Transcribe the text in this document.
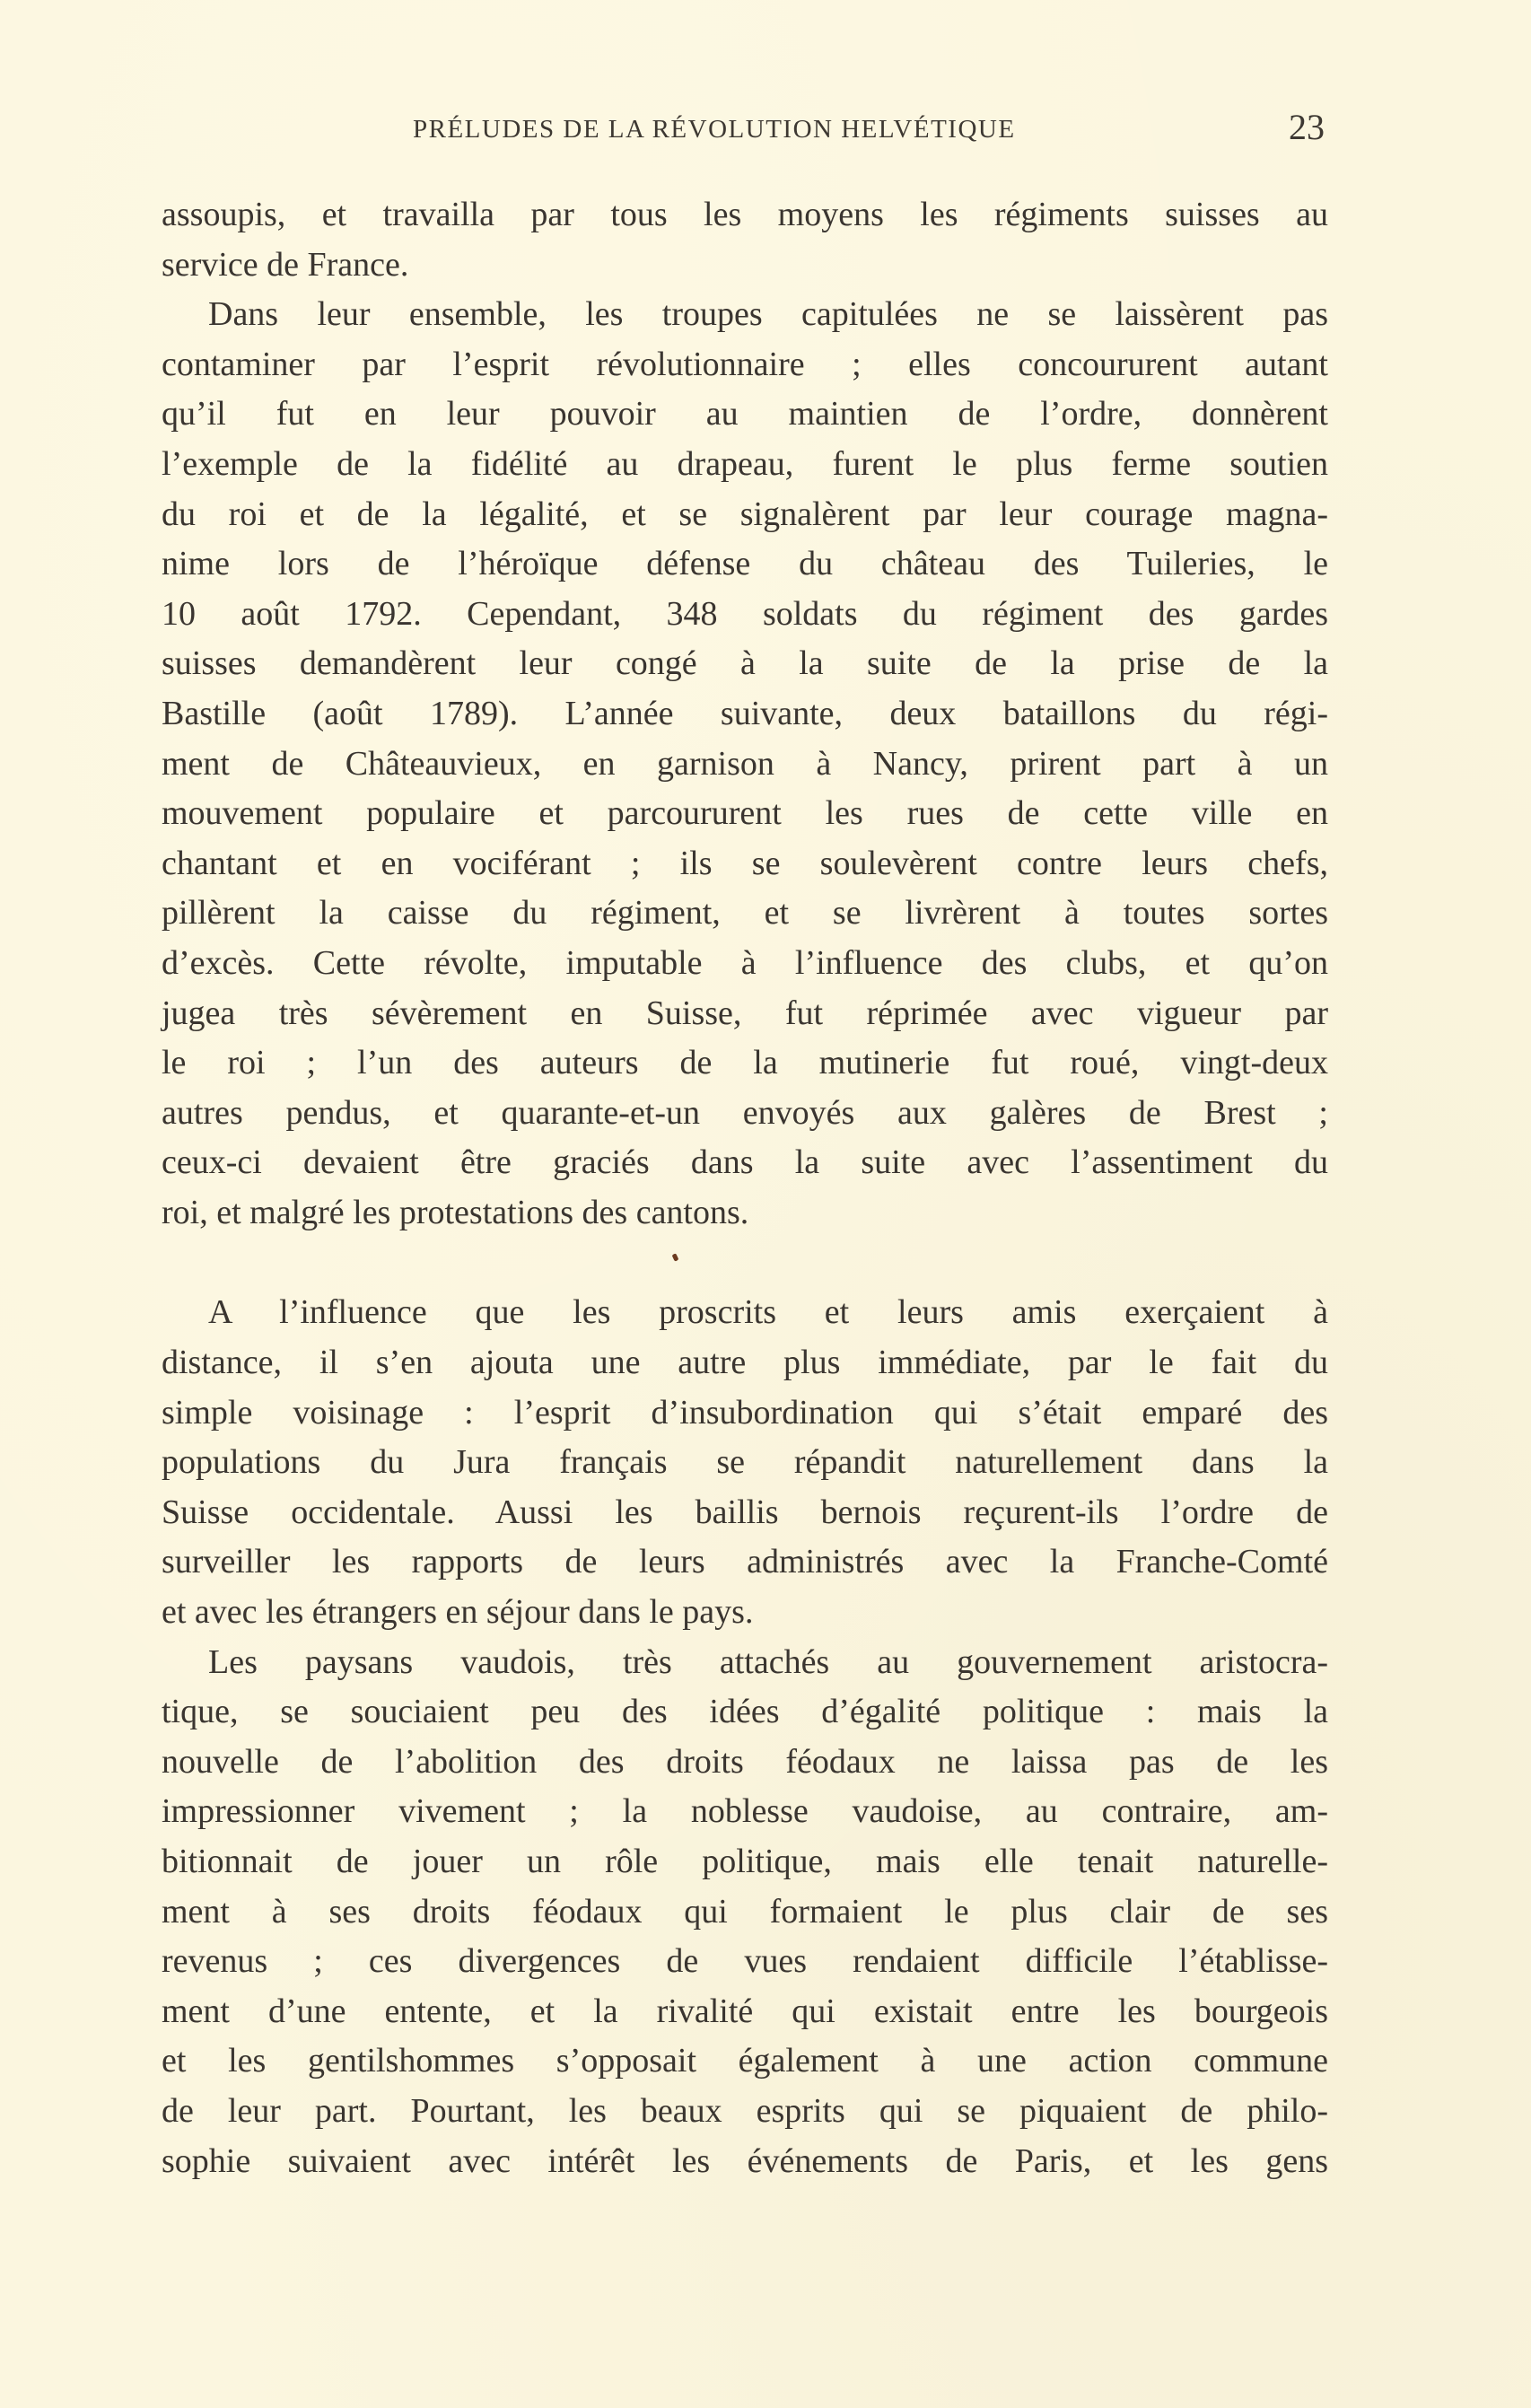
PRÉLUDES DE LA RÉVOLUTION HELVÉTIQUE	23
assoupis, et travailla par tous les moyens les régiments suisses au
service de France.
Dans leur ensemble, les troupes capitulées ne se laissèrent pas
contaminer par l’esprit révolutionnaire ; elles concoururent autant
qu’il fut en leur pouvoir au maintien de l’ordre, donnèrent
l’exemple de la fidélité au drapeau, furent le plus ferme soutien
du roi et de la légalité, et se signalèrent par leur courage magna-
nime lors de l’héroïque défense du château des Tuileries, le
10 août 1792. Cependant, 348 soldats du régiment des gardes
suisses demandèrent leur congé à la suite de la prise de la
Bastille (août 1789). L’année suivante, deux bataillons du régi-
ment de Châteauvieux, en garnison à Nancy, prirent part à un
mouvement populaire et parcoururent les rues de cette ville en
chantant et en vociférant ; ils se soulevèrent contre leurs chefs,
pillèrent la caisse du régiment, et se livrèrent à toutes sortes
d’excès. Cette révolte, imputable à l’influence des clubs, et qu’on
jugea très sévèrement en Suisse, fut réprimée avec vigueur par
le roi ; l’un des auteurs de la mutinerie fut roué, vingt-deux
autres pendus, et quarante-et-un envoyés aux galères de Brest ;
ceux-ci devaient être graciés dans la suite avec l’assentiment du
roi, et malgré les protestations des cantons.
A l’influence que les proscrits et leurs amis exerçaient à
distance, il s’en ajouta une autre plus immédiate, par le fait du
simple voisinage : l’esprit d’insubordination qui s’était emparé des
populations du Jura français se répandit naturellement dans la
Suisse occidentale. Aussi les baillis bernois reçurent-ils l’ordre de
surveiller les rapports de leurs administrés avec la Franche-Comté
et avec les étrangers en séjour dans le pays.
Les paysans vaudois, très attachés au gouvernement aristocra-
tique, se souciaient peu des idées d’égalité politique : mais la
nouvelle de l’abolition des droits féodaux ne laissa pas de les
impressionner vivement ; la noblesse vaudoise, au contraire, am-
bitionnait de jouer un rôle politique, mais elle tenait naturelle-
ment à ses droits féodaux qui formaient le plus clair de ses
revenus ; ces divergences de vues rendaient difficile l’établisse-
ment d’une entente, et la rivalité qui existait entre les bourgeois
et les gentilshommes s’opposait également à une action commune
de leur part. Pourtant, les beaux esprits qui se piquaient de philo-
sophie suivaient avec intérêt les événements de Paris, et les gens
